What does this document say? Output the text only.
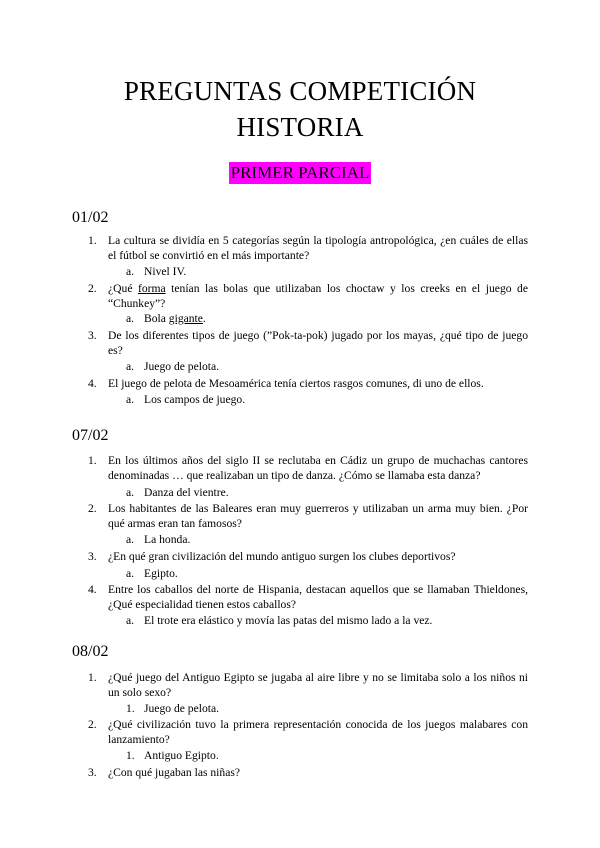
PREGUNTAS COMPETICIÓN
HISTORIA
PRIMER PARCIAL
01/02
1. La cultura se dividía en 5 categorías según la tipología antropológica, ¿en cuáles de ellas el fútbol se convirtió en el más importante?
a. Nivel IV.
2. ¿Qué forma tenían las bolas que utilizaban los choctaw y los creeks en el juego de “Chunkey”?
a. Bola gigante.
3. De los diferentes tipos de juego (”Pok-ta-pok) jugado por los mayas, ¿qué tipo de juego es?
a. Juego de pelota.
4. El juego de pelota de Mesoamérica tenía ciertos rasgos comunes, di uno de ellos.
a. Los campos de juego.
07/02
1. En los últimos años del siglo II se reclutaba en Cádiz un grupo de muchachas cantores denominadas … que realizaban un tipo de danza. ¿Cómo se llamaba esta danza?
a. Danza del vientre.
2. Los habitantes de las Baleares eran muy guerreros y utilizaban un arma muy bien. ¿Por qué armas eran tan famosos?
a. La honda.
3. ¿En qué gran civilización del mundo antiguo surgen los clubes deportivos?
a. Egipto.
4. Entre los caballos del norte de Hispania, destacan aquellos que se llamaban Thieldones, ¿Qué especialidad tienen estos caballos?
a. El trote era elástico y movía las patas del mismo lado a la vez.
08/02
1. ¿Qué juego del Antiguo Egipto se jugaba al aire libre y no se limitaba solo a los niños ni un solo sexo?
1. Juego de pelota.
2. ¿Qué civilización tuvo la primera representación conocida de los juegos malabares con lanzamiento?
1. Antiguo Egipto.
3. ¿Con qué jugaban las niñas?
